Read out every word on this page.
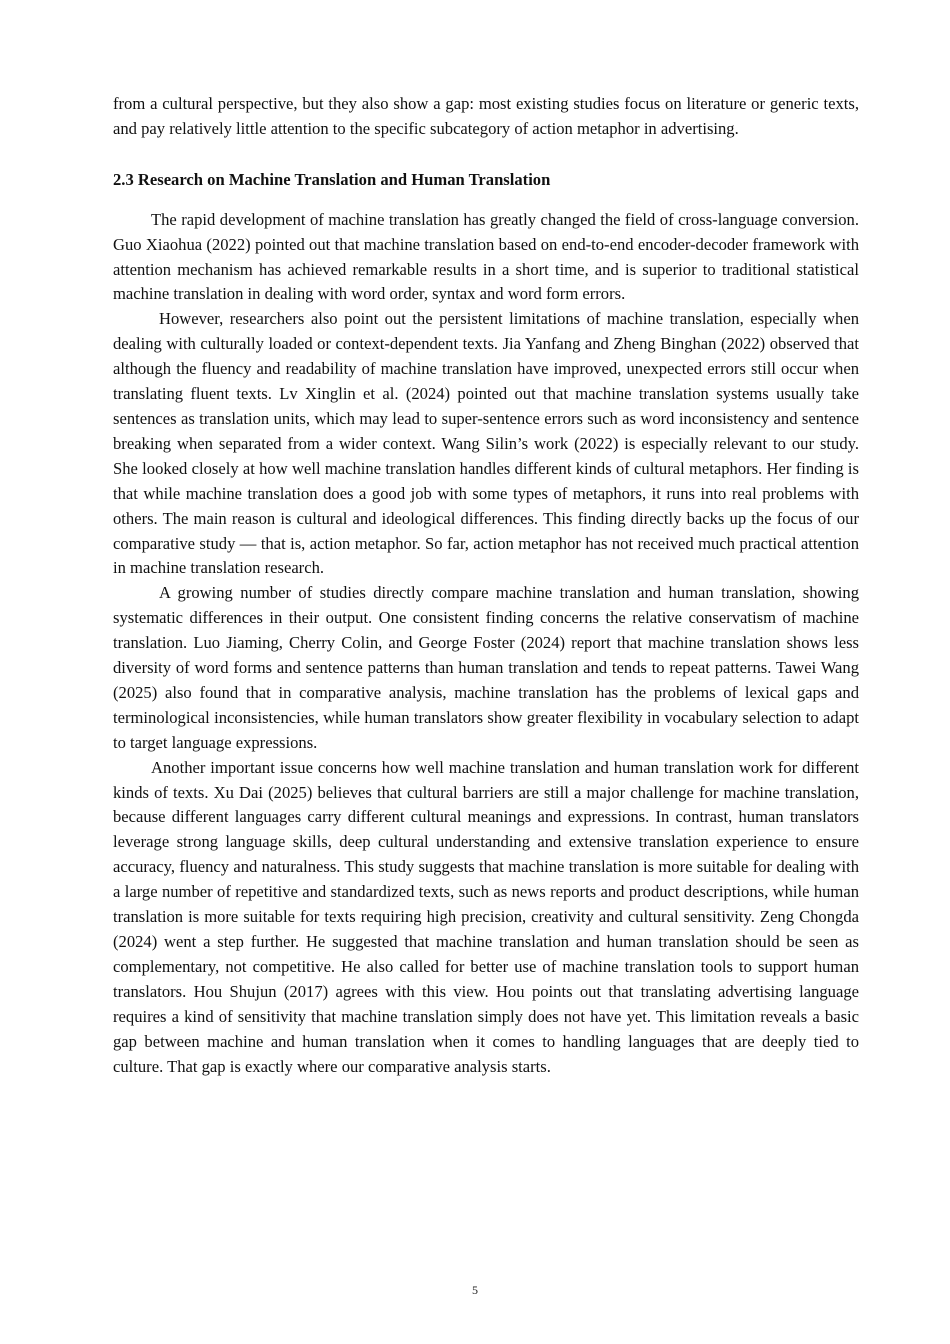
from a cultural perspective, but they also show a gap: most existing studies focus on literature or generic texts, and pay relatively little attention to the specific subcategory of action metaphor in advertising.

2.3 Research on Machine Translation and Human Translation

The rapid development of machine translation has greatly changed the field of cross-language conversion. Guo Xiaohua (2022) pointed out that machine translation based on end-to-end encoder-decoder framework with attention mechanism has achieved remarkable results in a short time, and is superior to traditional statistical machine translation in dealing with word order, syntax and word form errors.

However, researchers also point out the persistent limitations of machine translation, especially when dealing with culturally loaded or context-dependent texts. Jia Yanfang and Zheng Binghan (2022) observed that although the fluency and readability of machine translation have improved, unexpected errors still occur when translating fluent texts. Lv Xinglin et al. (2024) pointed out that machine translation systems usually take sentences as translation units, which may lead to super-sentence errors such as word inconsistency and sentence breaking when separated from a wider context. Wang Silin’s work (2022) is especially relevant to our study. She looked closely at how well machine translation handles different kinds of cultural metaphors. Her finding is that while machine translation does a good job with some types of metaphors, it runs into real problems with others. The main reason is cultural and ideological differences. This finding directly backs up the focus of our comparative study — that is, action metaphor. So far, action metaphor has not received much practical attention in machine translation research.

A growing number of studies directly compare machine translation and human translation, showing systematic differences in their output. One consistent finding concerns the relative conservatism of machine translation. Luo Jiaming, Cherry Colin, and George Foster (2024) report that machine translation shows less diversity of word forms and sentence patterns than human translation and tends to repeat patterns. Tawei Wang (2025) also found that in comparative analysis, machine translation has the problems of lexical gaps and terminological inconsistencies, while human translators show greater flexibility in vocabulary selection to adapt to target language expressions.

Another important issue concerns how well machine translation and human translation work for different kinds of texts. Xu Dai (2025) believes that cultural barriers are still a major challenge for machine translation, because different languages carry different cultural meanings and expressions. In contrast, human translators leverage strong language skills, deep cultural understanding and extensive translation experience to ensure accuracy, fluency and naturalness. This study suggests that machine translation is more suitable for dealing with a large number of repetitive and standardized texts, such as news reports and product descriptions, while human translation is more suitable for texts requiring high precision, creativity and cultural sensitivity. Zeng Chongda (2024) went a step further. He suggested that machine translation and human translation should be seen as complementary, not competitive. He also called for better use of machine translation tools to support human translators. Hou Shujun (2017) agrees with this view. Hou points out that translating advertising language requires a kind of sensitivity that machine translation simply does not have yet. This limitation reveals a basic gap between machine and human translation when it comes to handling languages that are deeply tied to culture. That gap is exactly where our comparative analysis starts.

5
